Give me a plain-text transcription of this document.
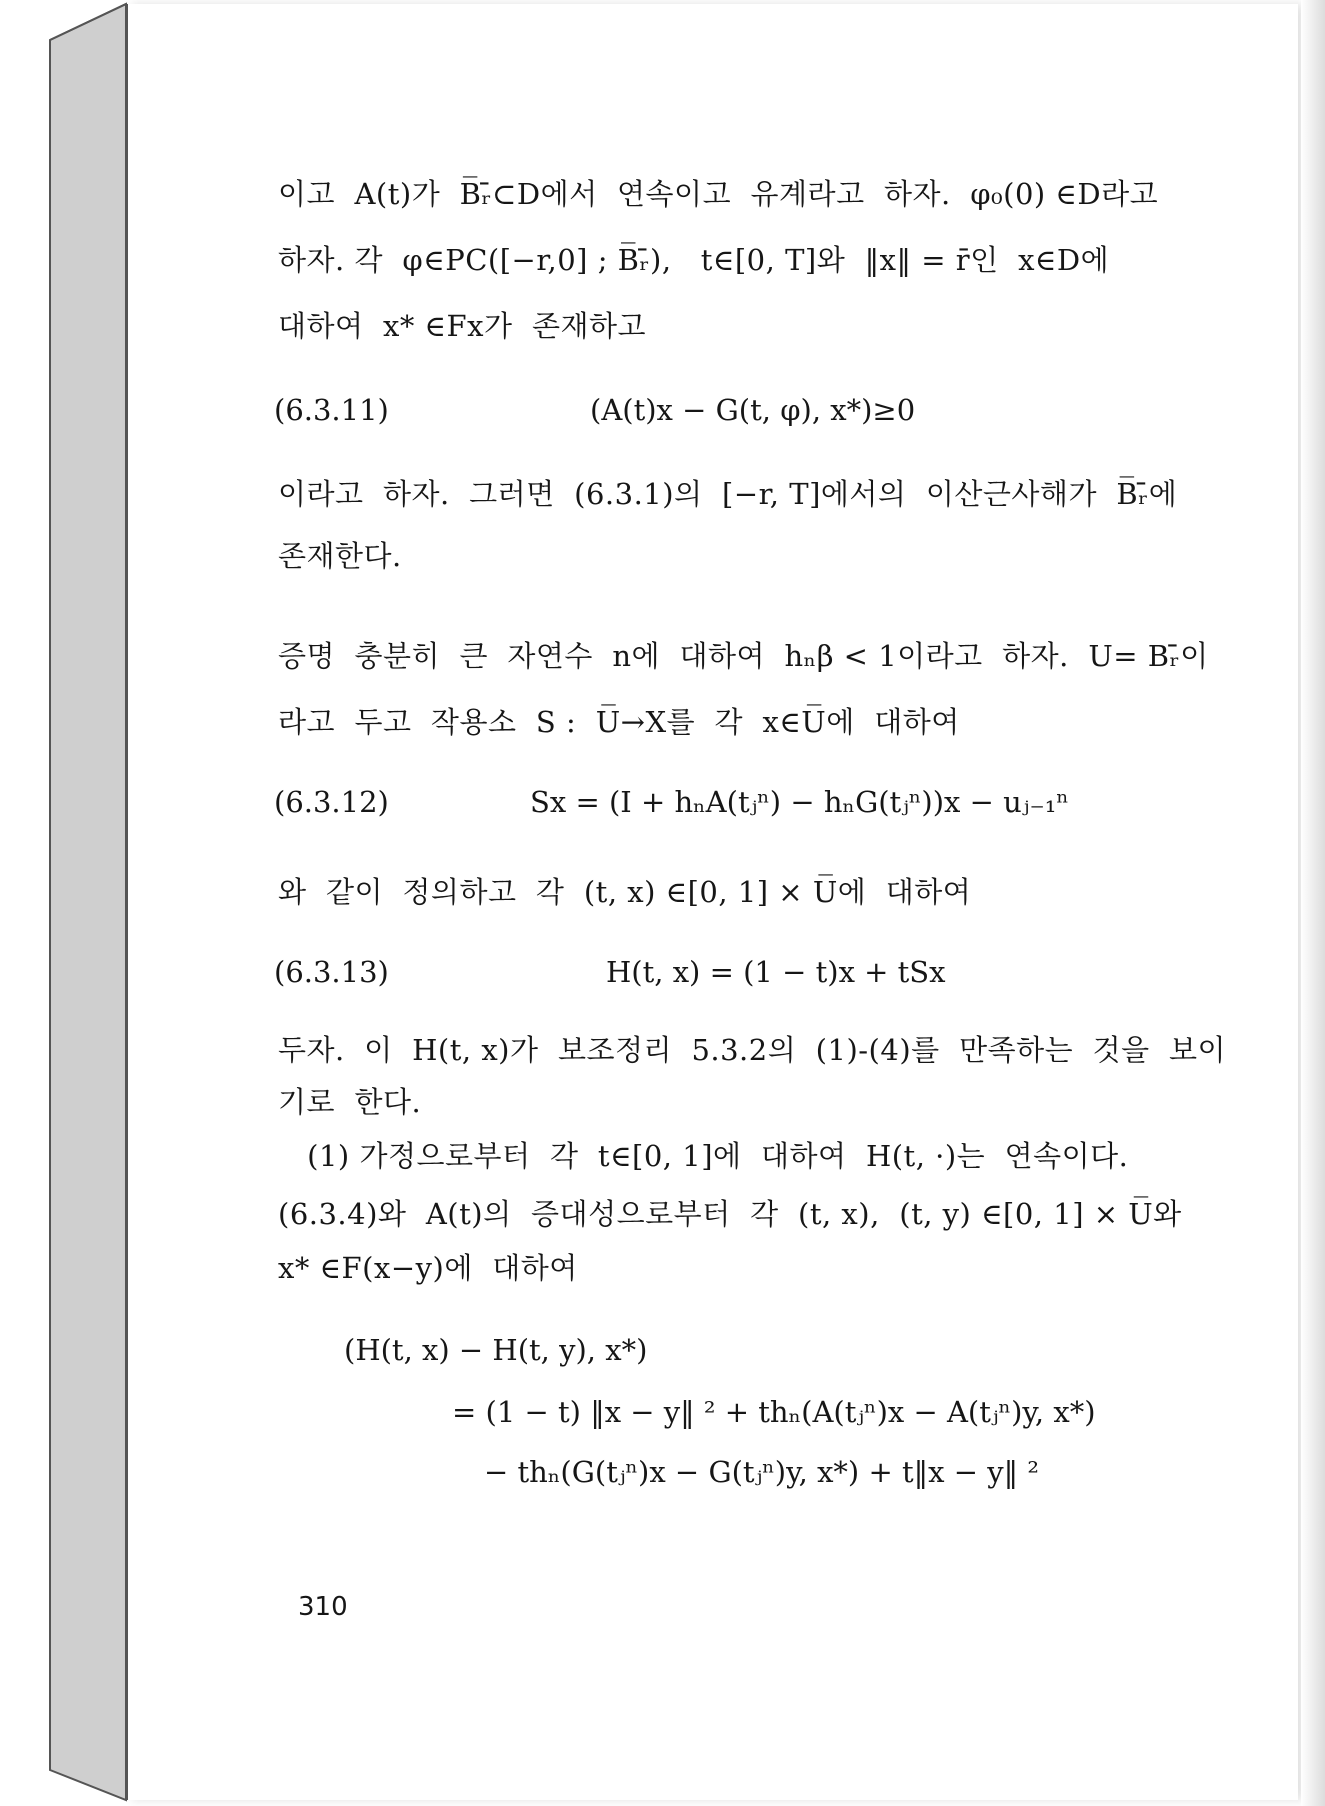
이고  A(t)가  B̅ᵣ̄⊂D에서  연속이고  유계라고  하자.  φ₀(0) ∈D라고
하자. 각  φ∈PC([−r,0] ; B̅ᵣ̄),   t∈[0, T]와  ‖x‖ = r̄인  x∈D에
대하여  x* ∈Fx가  존재하고
(6.3.11)	(A(t)x − G(t, φ), x*)≥0
이라고  하자.  그러면  (6.3.1)의  [−r, T]에서의  이산근사해가  B̅ᵣ̄에
존재한다.
증명  충분히  큰  자연수  n에  대하여  hₙβ < 1이라고  하자.  U= Bᵣ̄이
라고  두고  작용소  S :  U̅→X를  각  x∈U̅에  대하여
(6.3.12)	Sx = (I + hₙA(tⱼⁿ) − hₙG(tⱼⁿ))x − uⱼ₋₁ⁿ
와  같이  정의하고  각  (t, x) ∈[0, 1] × U̅에  대하여
(6.3.13)	H(t, x) = (1 − t)x + tSx
두자.  이  H(t, x)가  보조정리  5.3.2의  (1)-(4)를  만족하는  것을  보이
기로  한다.
(1) 가정으로부터  각  t∈[0, 1]에  대하여  H(t, ·)는  연속이다.
(6.3.4)와  A(t)의  증대성으로부터  각  (t, x),  (t, y) ∈[0, 1] × U̅와
x* ∈F(x−y)에  대하여
(H(t, x) − H(t, y), x*)
= (1 − t) ‖x − y‖ ² + thₙ(A(tⱼⁿ)x − A(tⱼⁿ)y, x*)
− thₙ(G(tⱼⁿ)x − G(tⱼⁿ)y, x*) + t‖x − y‖ ²
310
